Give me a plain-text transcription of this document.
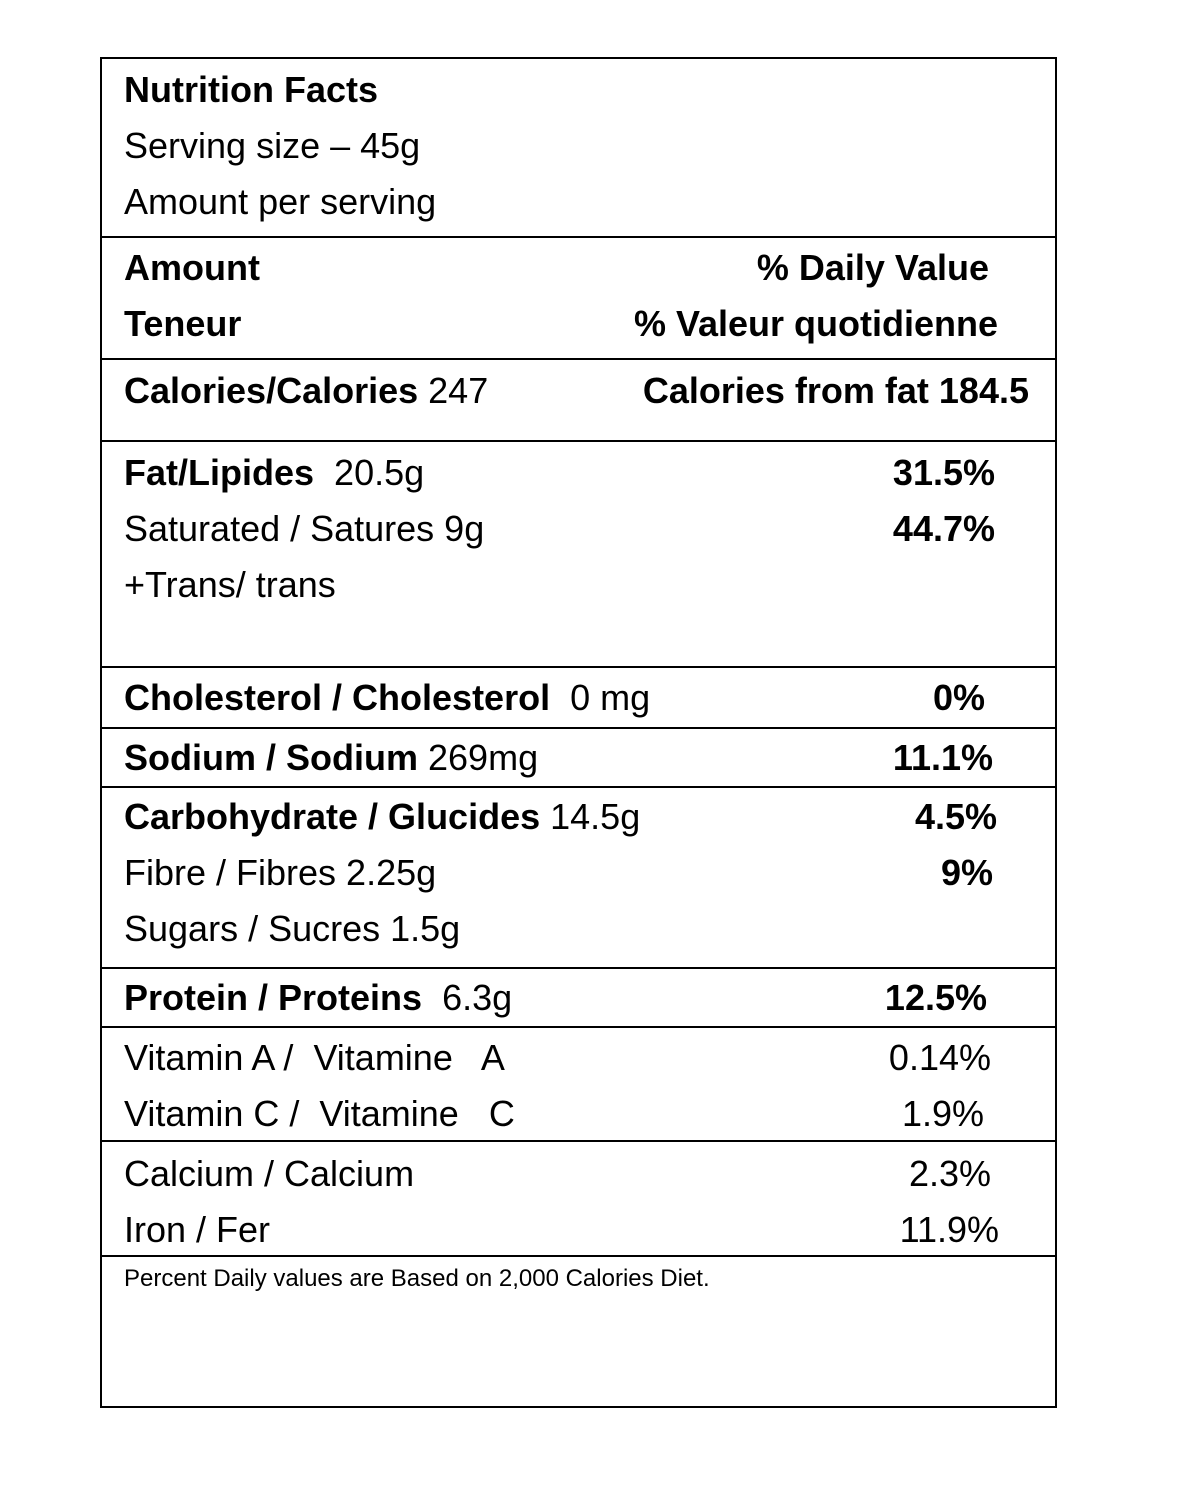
Nutrition Facts
Serving size – 45g
Amount per serving
Amount	% Daily Value
Teneur	% Valeur quotidienne
Calories/Calories 247	Calories from fat 184.5
Fat/Lipides 20.5g	31.5%
Saturated / Satures 9g	44.7%
+Trans/ trans
Cholesterol / Cholesterol 0 mg	0%
Sodium / Sodium 269mg	11.1%
Carbohydrate / Glucides 14.5g	4.5%
Fibre / Fibres 2.25g	9%
Sugars / Sucres 1.5g
Protein / Proteins 6.3g	12.5%
Vitamin A /  Vitamine   A	0.14%
Vitamin C /  Vitamine   C	1.9%
Calcium / Calcium	2.3%
Iron / Fer	11.9%
Percent Daily values are Based on 2,000 Calories Diet.
